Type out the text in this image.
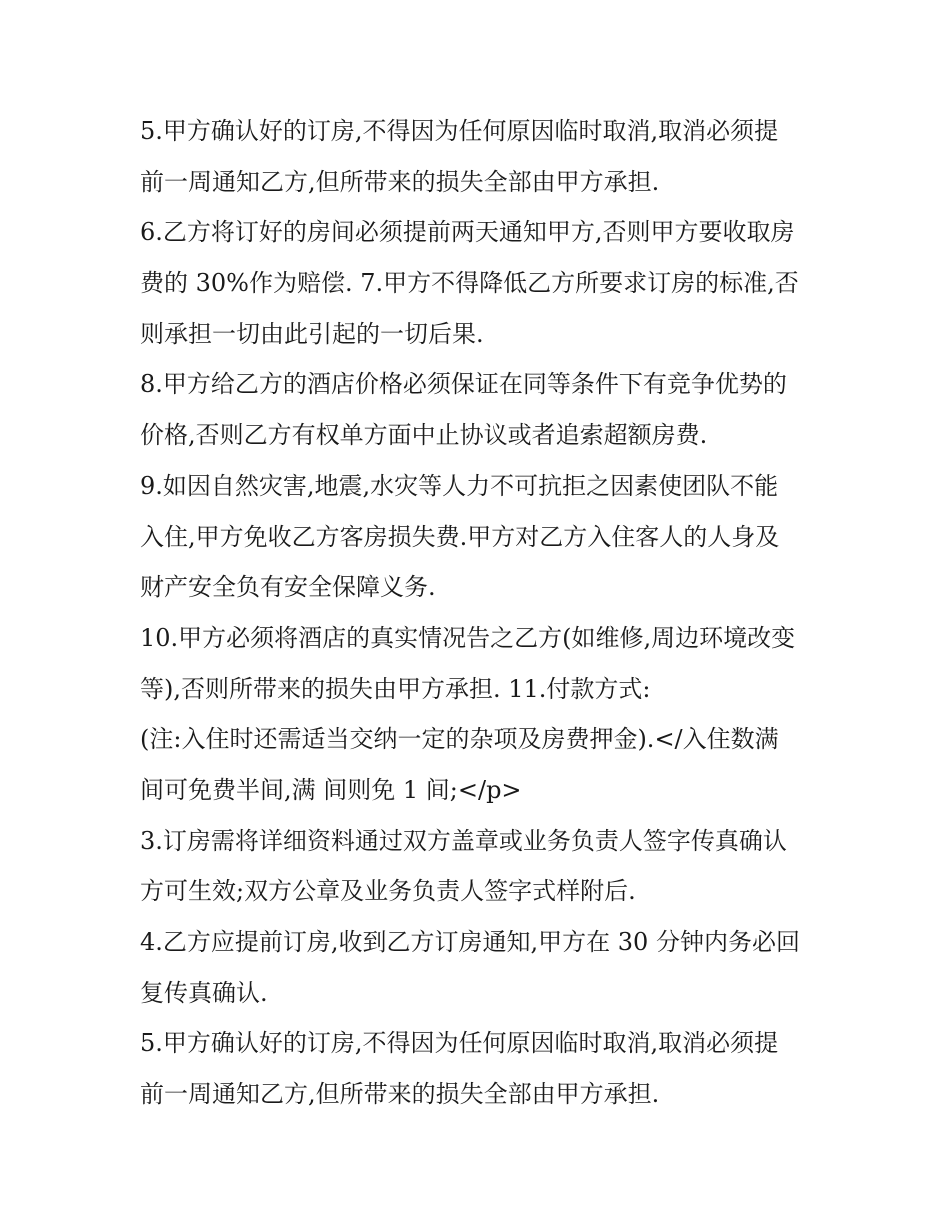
5.甲方确认好的订房,不得因为任何原因临时取消,取消必须提
前一周通知乙方,但所带来的损失全部由甲方承担.
6.乙方将订好的房间必须提前两天通知甲方,否则甲方要收取房
费的 30%作为赔偿. 7.甲方不得降低乙方所要求订房的标准,否
则承担一切由此引起的一切后果.
8.甲方给乙方的酒店价格必须保证在同等条件下有竞争优势的
价格,否则乙方有权单方面中止协议或者追索超额房费.
9.如因自然灾害,地震,水灾等人力不可抗拒之因素使团队不能
入住,甲方免收乙方客房损失费.甲方对乙方入住客人的人身及
财产安全负有安全保障义务.
10.甲方必须将酒店的真实情况告之乙方(如维修,周边环境改变
等),否则所带来的损失由甲方承担. 11.付款方式:
(注:入住时还需适当交纳一定的杂项及房费押金).</入住数满
间可免费半间,满 间则免 1 间;</p>
3.订房需将详细资料通过双方盖章或业务负责人签字传真确认
方可生效;双方公章及业务负责人签字式样附后.
4.乙方应提前订房,收到乙方订房通知,甲方在 30 分钟内务必回
复传真确认.
5.甲方确认好的订房,不得因为任何原因临时取消,取消必须提
前一周通知乙方,但所带来的损失全部由甲方承担.
